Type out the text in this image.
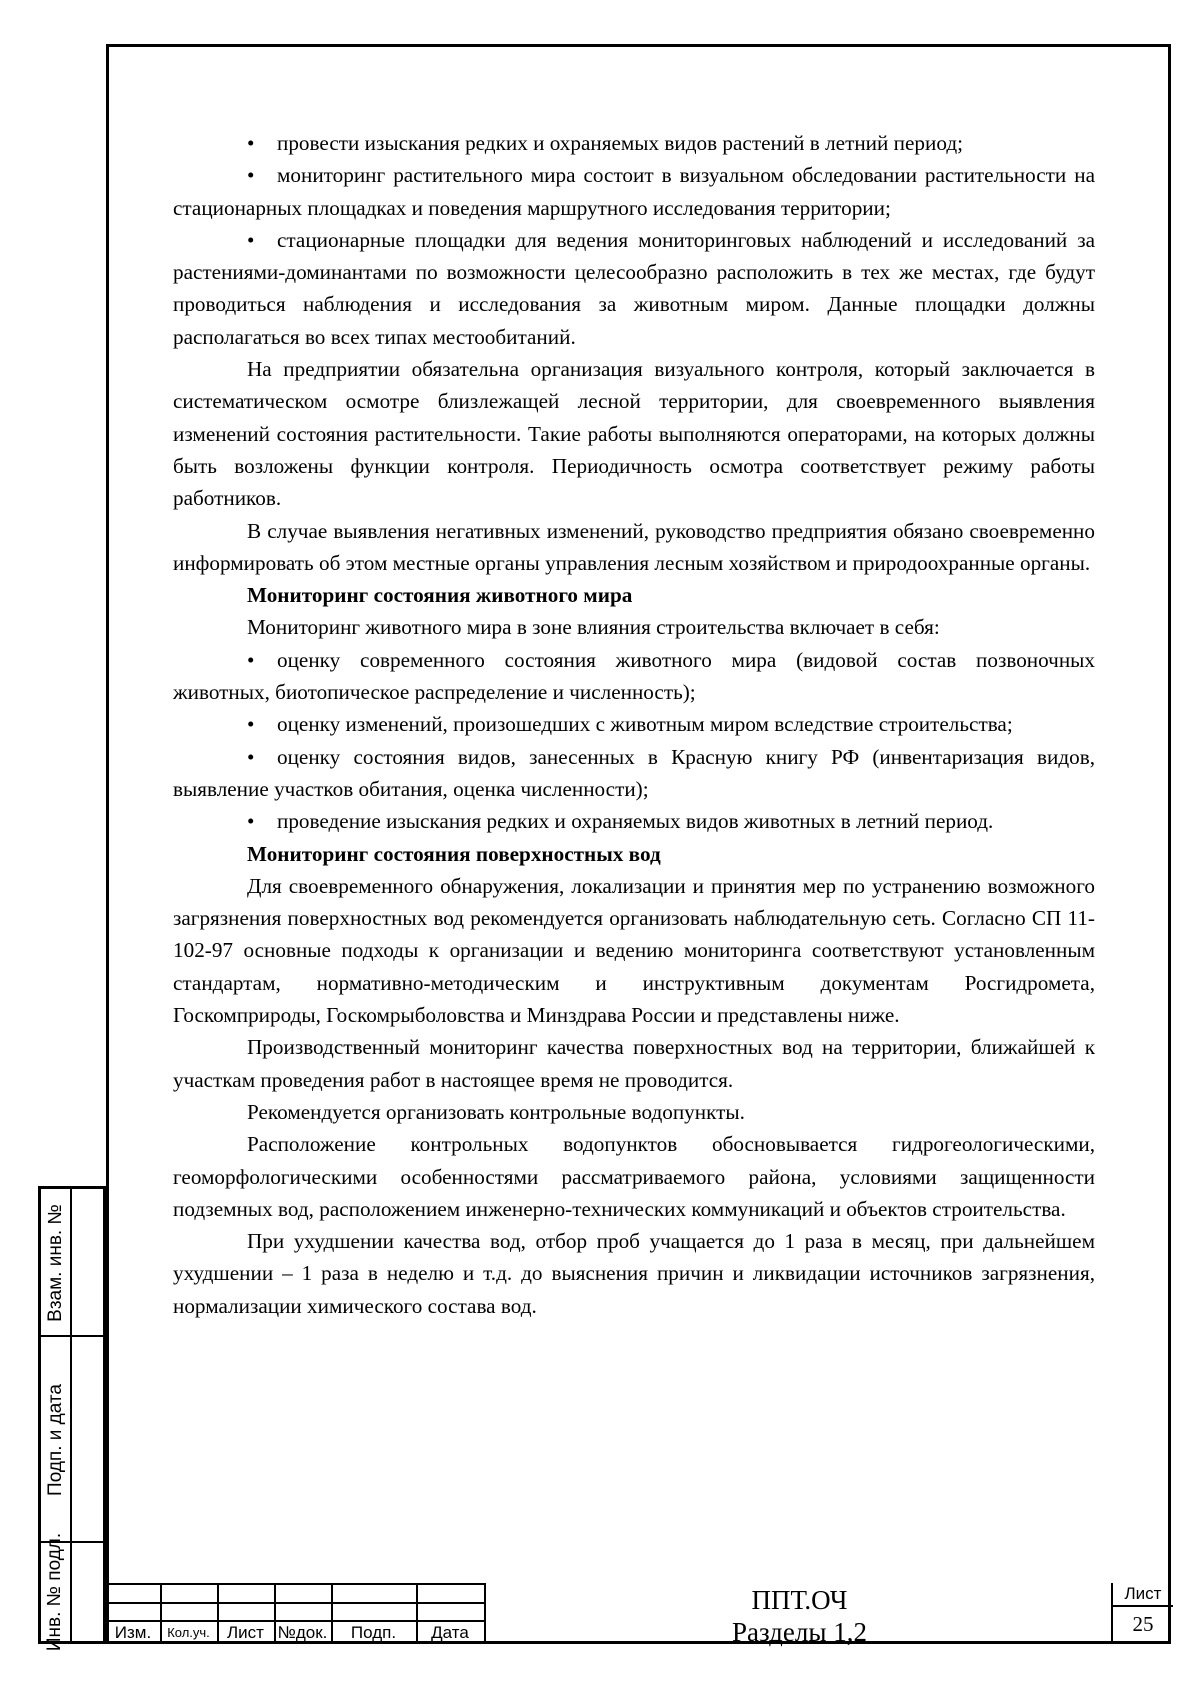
Взам. инв. №
Подп. и дата
Инв. № подл.

• провести изыскания редких и охраняемых видов растений в летний период;

• мониторинг растительного мира состоит в визуальном обследовании растительности на стационарных площадках и поведения маршрутного исследования территории;

• стационарные площадки для ведения мониторинговых наблюдений и исследований за растениями-доминантами по возможности целесообразно расположить в тех же местах, где будут проводиться наблюдения и исследования за животным миром. Данные площадки должны располагаться во всех типах местообитаний.

На предприятии обязательна организация визуального контроля, который заключается в систематическом осмотре близлежащей лесной территории, для своевременного выявления изменений состояния растительности. Такие работы выполняются операторами, на которых должны быть возложены функции контроля. Периодичность осмотра соответствует режиму работы работников.

В случае выявления негативных изменений, руководство предприятия обязано своевременно информировать об этом местные органы управления лесным хозяйством и природоохранные органы.

Мониторинг состояния животного мира

Мониторинг животного мира в зоне влияния строительства включает в себя:

• оценку современного состояния животного мира (видовой состав позвоночных животных, биотопическое распределение и численность);

• оценку изменений, произошедших с животным миром вследствие строительства;

• оценку состояния видов, занесенных в Красную книгу РФ (инвентаризация видов, выявление участков обитания, оценка численности);

• проведение изыскания редких и охраняемых видов животных в летний период.

Мониторинг состояния поверхностных вод

Для своевременного обнаружения, локализации и принятия мер по устранению возможного загрязнения поверхностных вод рекомендуется организовать наблюдательную сеть. Согласно СП 11-102-97 основные подходы к организации и ведению мониторинга соответствуют установленным стандартам, нормативно-методическим и инструктивным документам Росгидромета, Госкомприроды, Госкомрыболовства и Минздрава России и представлены ниже.

Производственный мониторинг качества поверхностных вод на территории, ближайшей к участкам проведения работ в настоящее время не проводится.

Рекомендуется организовать контрольные водопункты.

Расположение контрольных водопунктов обосновывается гидрогеологическими, геоморфологическими особенностями рассматриваемого района, условиями защищенности подземных вод, расположением инженерно-технических коммуникаций и объектов строительства.

При ухудшении качества вод, отбор проб учащается до 1 раза в месяц, при дальнейшем ухудшении – 1 раза в неделю и т.д. до выяснения причин и ликвидации источников загрязнения, нормализации химического состава вод.

Изм.	Кол.уч.	Лист №док.	Подп.	Дата
ППТ.ОЧ
Разделы 1,2
Лист
25
